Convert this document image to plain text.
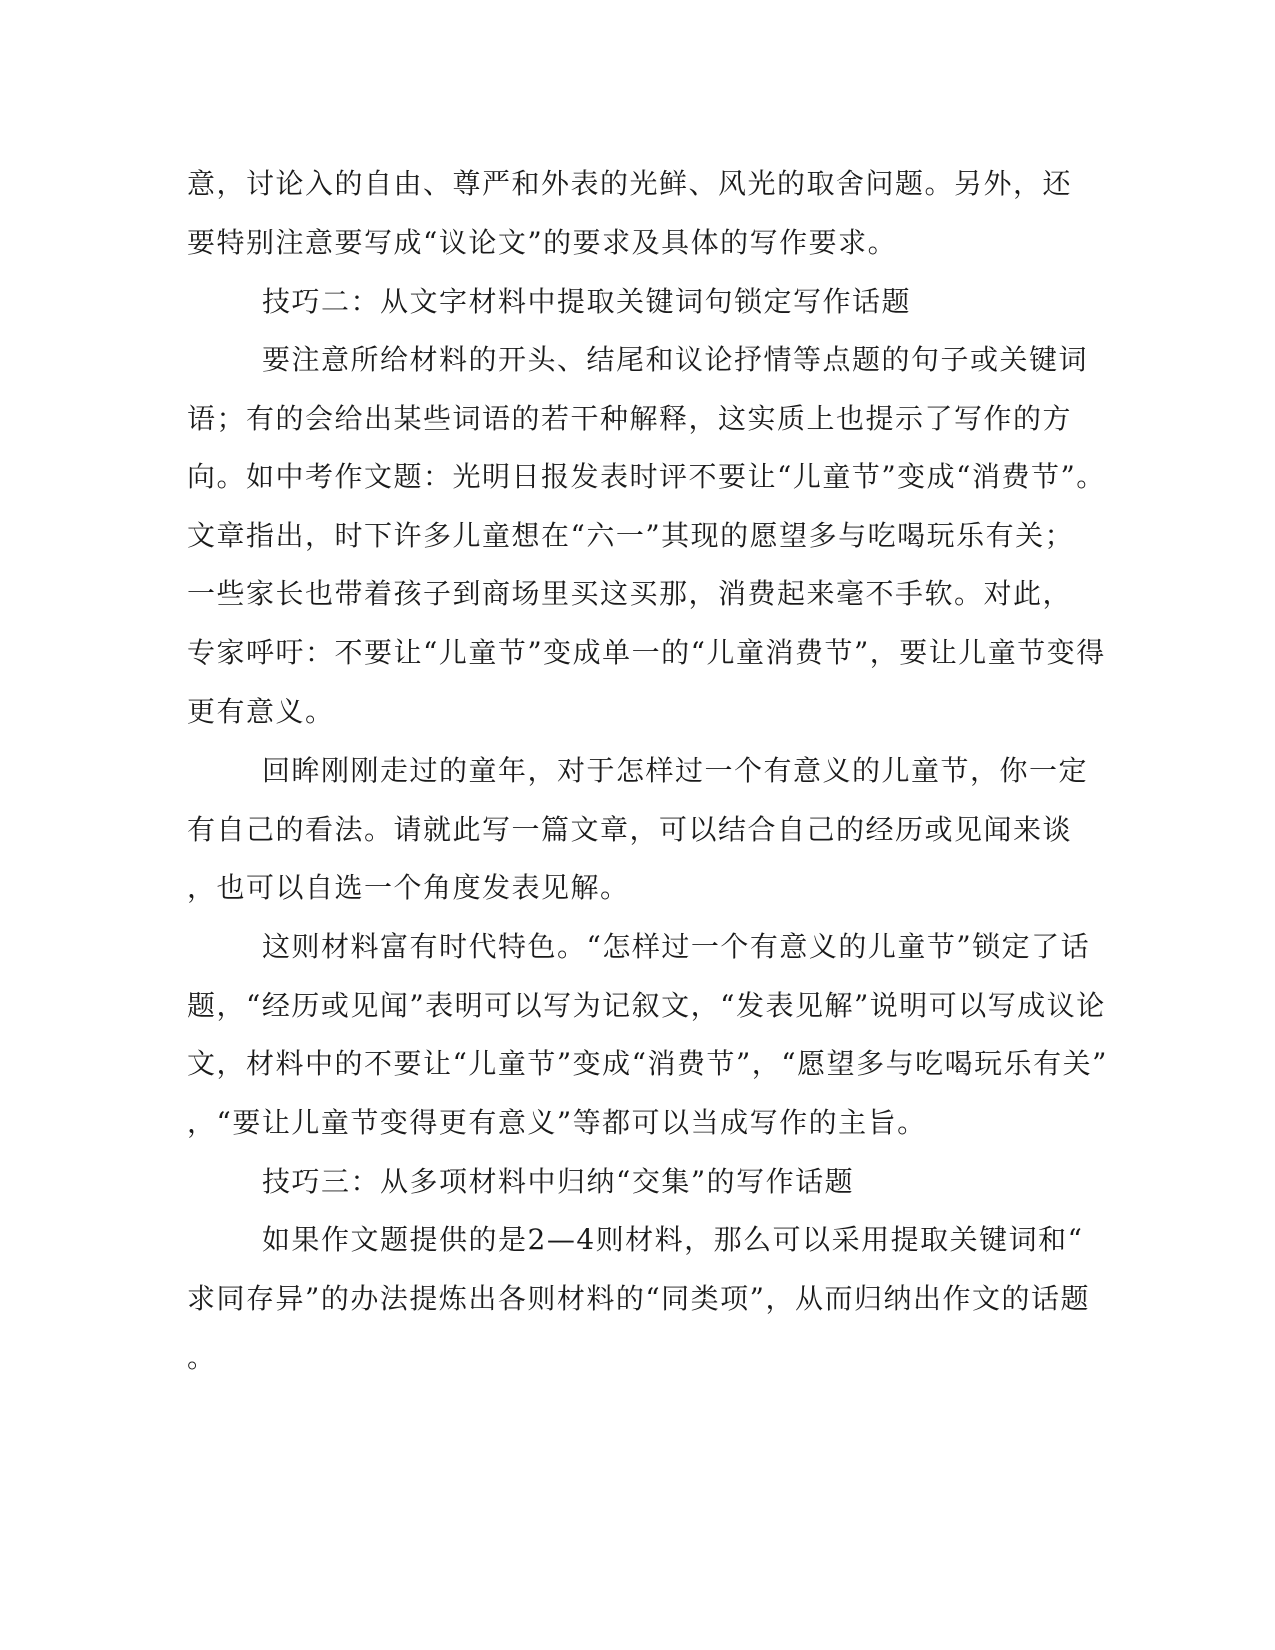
意，讨论入的自由、尊严和外表的光鲜、风光的取舍问题。另外，还

要特别注意要写成“议论文”的要求及具体的写作要求。

技巧二：从文字材料中提取关键词句锁定写作话题

要注意所给材料的开头、结尾和议论抒情等点题的句子或关键词

语；有的会给出某些词语的若干种解释，这实质上也提示了写作的方

向。如中考作文题：光明日报发表时评不要让“儿童节”变成“消费节”。

文章指出，时下许多儿童想在“六一”其现的愿望多与吃喝玩乐有关；

一些家长也带着孩子到商场里买这买那，消费起来毫不手软。对此，

专家呼吁：不要让“儿童节”变成单一的“儿童消费节”，要让儿童节变得

更有意义。

回眸刚刚走过的童年，对于怎样过一个有意义的儿童节，你一定

有自己的看法。请就此写一篇文章，可以结合自己的经历或见闻来谈

，也可以自选一个角度发表见解。

这则材料富有时代特色。“怎样过一个有意义的儿童节”锁定了话

题，“经历或见闻”表明可以写为记叙文，“发表见解”说明可以写成议论

文，材料中的不要让“儿童节”变成“消费节”，“愿望多与吃喝玩乐有关”

，“要让儿童节变得更有意义”等都可以当成写作的主旨。

技巧三：从多项材料中归纳“交集”的写作话题

如果作文题提供的是2—4则材料，那么可以采用提取关键词和“

求同存异”的办法提炼出各则材料的“同类项”，从而归纳出作文的话题

。
